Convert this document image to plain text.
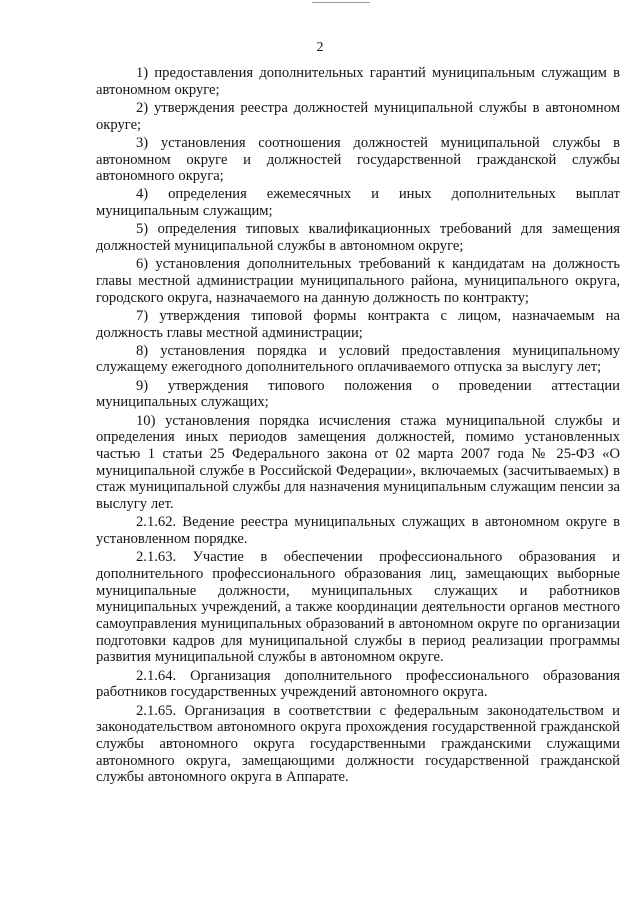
2

1) предоставления дополнительных гарантий муниципальным служащим в автономном округе;

2) утверждения реестра должностей муниципальной службы в автономном округе;

3) установления соотношения должностей муниципальной службы в автономном округе и должностей государственной гражданской службы автономного округа;

4) определения ежемесячных и иных дополнительных выплат муниципальным служащим;

5) определения типовых квалификационных требований для замещения должностей муниципальной службы в автономном округе;

6) установления дополнительных требований к кандидатам на должность главы местной администрации муниципального района, муниципального округа, городского округа, назначаемого на данную должность по контракту;

7) утверждения типовой формы контракта с лицом, назначаемым на должность главы местной администрации;

8) установления порядка и условий предоставления муниципальному служащему ежегодного дополнительного оплачиваемого отпуска за выслугу лет;

9) утверждения типового положения о проведении аттестации муниципальных служащих;

10) установления порядка исчисления стажа муниципальной службы и определения иных периодов замещения должностей, помимо установленных частью 1 статьи 25 Федерального закона от 02 марта 2007 года № 25-ФЗ «О муниципальной службе в Российской Федерации», включаемых (засчитываемых) в стаж муниципальной службы для назначения муниципальным служащим пенсии за выслугу лет.

2.1.62. Ведение реестра муниципальных служащих в автономном округе в установленном порядке.

2.1.63. Участие в обеспечении профессионального образования и дополнительного профессионального образования лиц, замещающих выборные муниципальные должности, муниципальных служащих и работников муниципальных учреждений, а также координации деятельности органов местного самоуправления муниципальных образований в автономном округе по организации подготовки кадров для муниципальной службы в период реализации программы развития муниципальной службы в автономном округе.

2.1.64. Организация дополнительного профессионального образования работников государственных учреждений автономного округа.

2.1.65. Организация в соответствии с федеральным законодательством и законодательством автономного округа прохождения государственной гражданской службы автономного округа государственными гражданскими служащими автономного округа, замещающими должности государственной гражданской службы автономного округа в Аппарате.
